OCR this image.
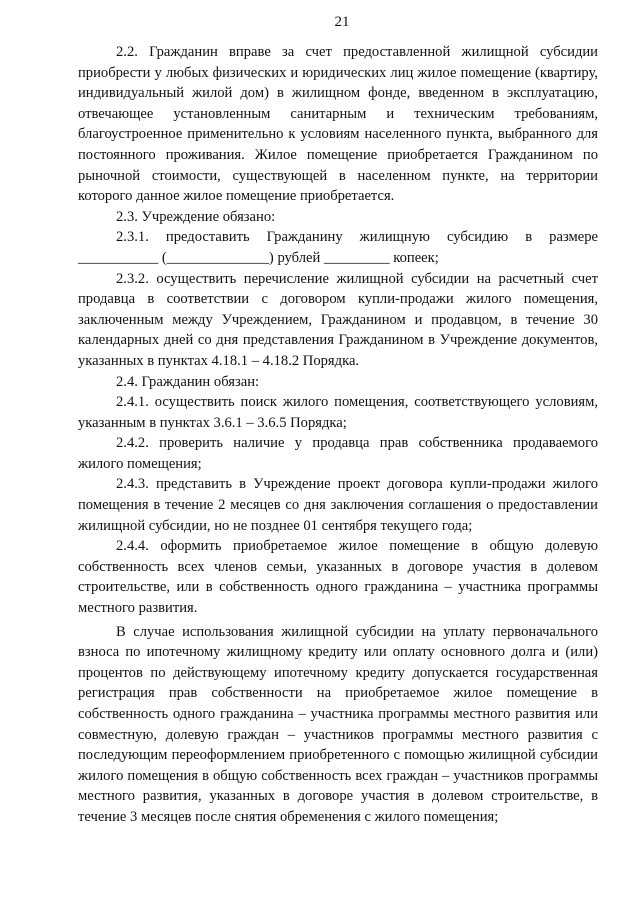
21

2.2. Гражданин вправе за счет предоставленной жилищной субсидии приобрести у любых физических и юридических лиц жилое помещение (квартиру, индивидуальный жилой дом) в жилищном фонде, введенном в эксплуатацию, отвечающее установленным санитарным и техническим требованиям, благоустроенное применительно к условиям населенного пункта, выбранного для постоянного проживания. Жилое помещение приобретается Гражданином по рыночной стоимости, существующей в населенном пункте, на территории которого данное жилое помещение приобретается.

2.3. Учреждение обязано:

2.3.1. предоставить Гражданину жилищную субсидию в размере ___________ (______________) рублей _________ копеек;

2.3.2. осуществить перечисление жилищной субсидии на расчетный счет продавца в соответствии с договором купли-продажи жилого помещения, заключенным между Учреждением, Гражданином и продавцом, в течение 30 календарных дней со дня представления Гражданином в Учреждение документов, указанных в пунктах 4.18.1 – 4.18.2 Порядка.

2.4. Гражданин обязан:

2.4.1. осуществить поиск жилого помещения, соответствующего условиям, указанным в пунктах 3.6.1 – 3.6.5 Порядка;

2.4.2. проверить наличие у продавца прав собственника продаваемого жилого помещения;

2.4.3. представить в Учреждение проект договора купли-продажи жилого помещения в течение 2 месяцев со дня заключения соглашения о предоставлении жилищной субсидии, но не позднее 01 сентября текущего года;

2.4.4. оформить приобретаемое жилое помещение в общую долевую собственность всех членов семьи, указанных в договоре участия в долевом строительстве, или в собственность одного гражданина – участника программы местного развития.

В случае использования жилищной субсидии на уплату первоначального взноса по ипотечному жилищному кредиту или оплату основного долга и (или) процентов по действующему ипотечному кредиту допускается государственная регистрация прав собственности на приобретаемое жилое помещение в собственность одного гражданина – участника программы местного развития или совместную, долевую граждан – участников программы местного развития с последующим переоформлением приобретенного с помощью жилищной субсидии жилого помещения в общую собственность всех граждан – участников программы местного развития, указанных в договоре участия в долевом строительстве, в течение 3 месяцев после снятия обременения с жилого помещения;
